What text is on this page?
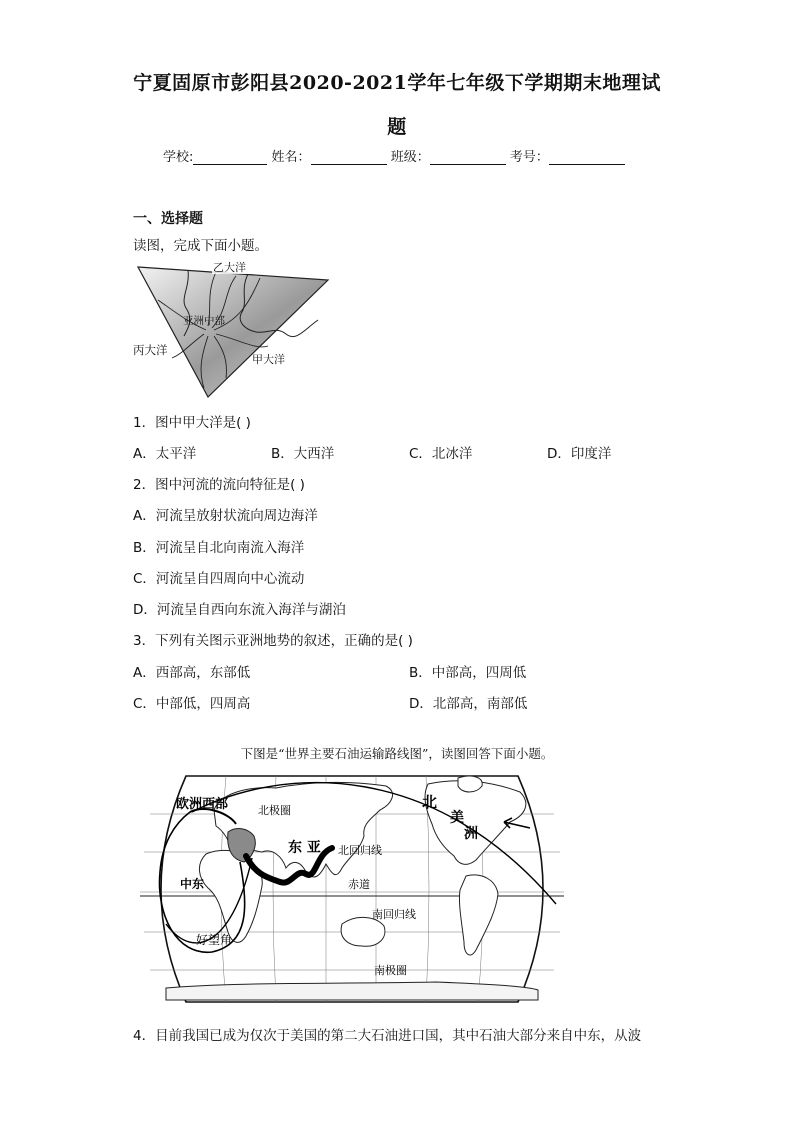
宁夏固原市彭阳县2020-2021学年七年级下学期期末地理试
题
学校:	姓名：	班级：	考号：
一、选择题
读图，完成下面小题。
乙大洋
亚洲中部
甲大洋
丙大洋
1．图中甲大洋是( )
A．太平洋	B．大西洋	C．北冰洋	D．印度洋
2．图中河流的流向特征是( )
A．河流呈放射状流向周边海洋
B．河流呈自北向南流入海洋
C．河流呈自四周向中心流动
D．河流呈自西向东流入海洋与湖泊
3．下列有关图示亚洲地势的叙述，正确的是( )
A．西部高，东部低	B．中部高，四周低
C．中部低，四周高	D．北部高，南部低
下图是“世界主要石油运输路线图”，读图回答下面小题。
欧洲西部	北极圈	北
美
洲
东 亚 北回归线
中东	赤道
南回归线
好望角
南极圈
4．目前我国已成为仅次于美国的第二大石油进口国，其中石油大部分来自中东，从波
